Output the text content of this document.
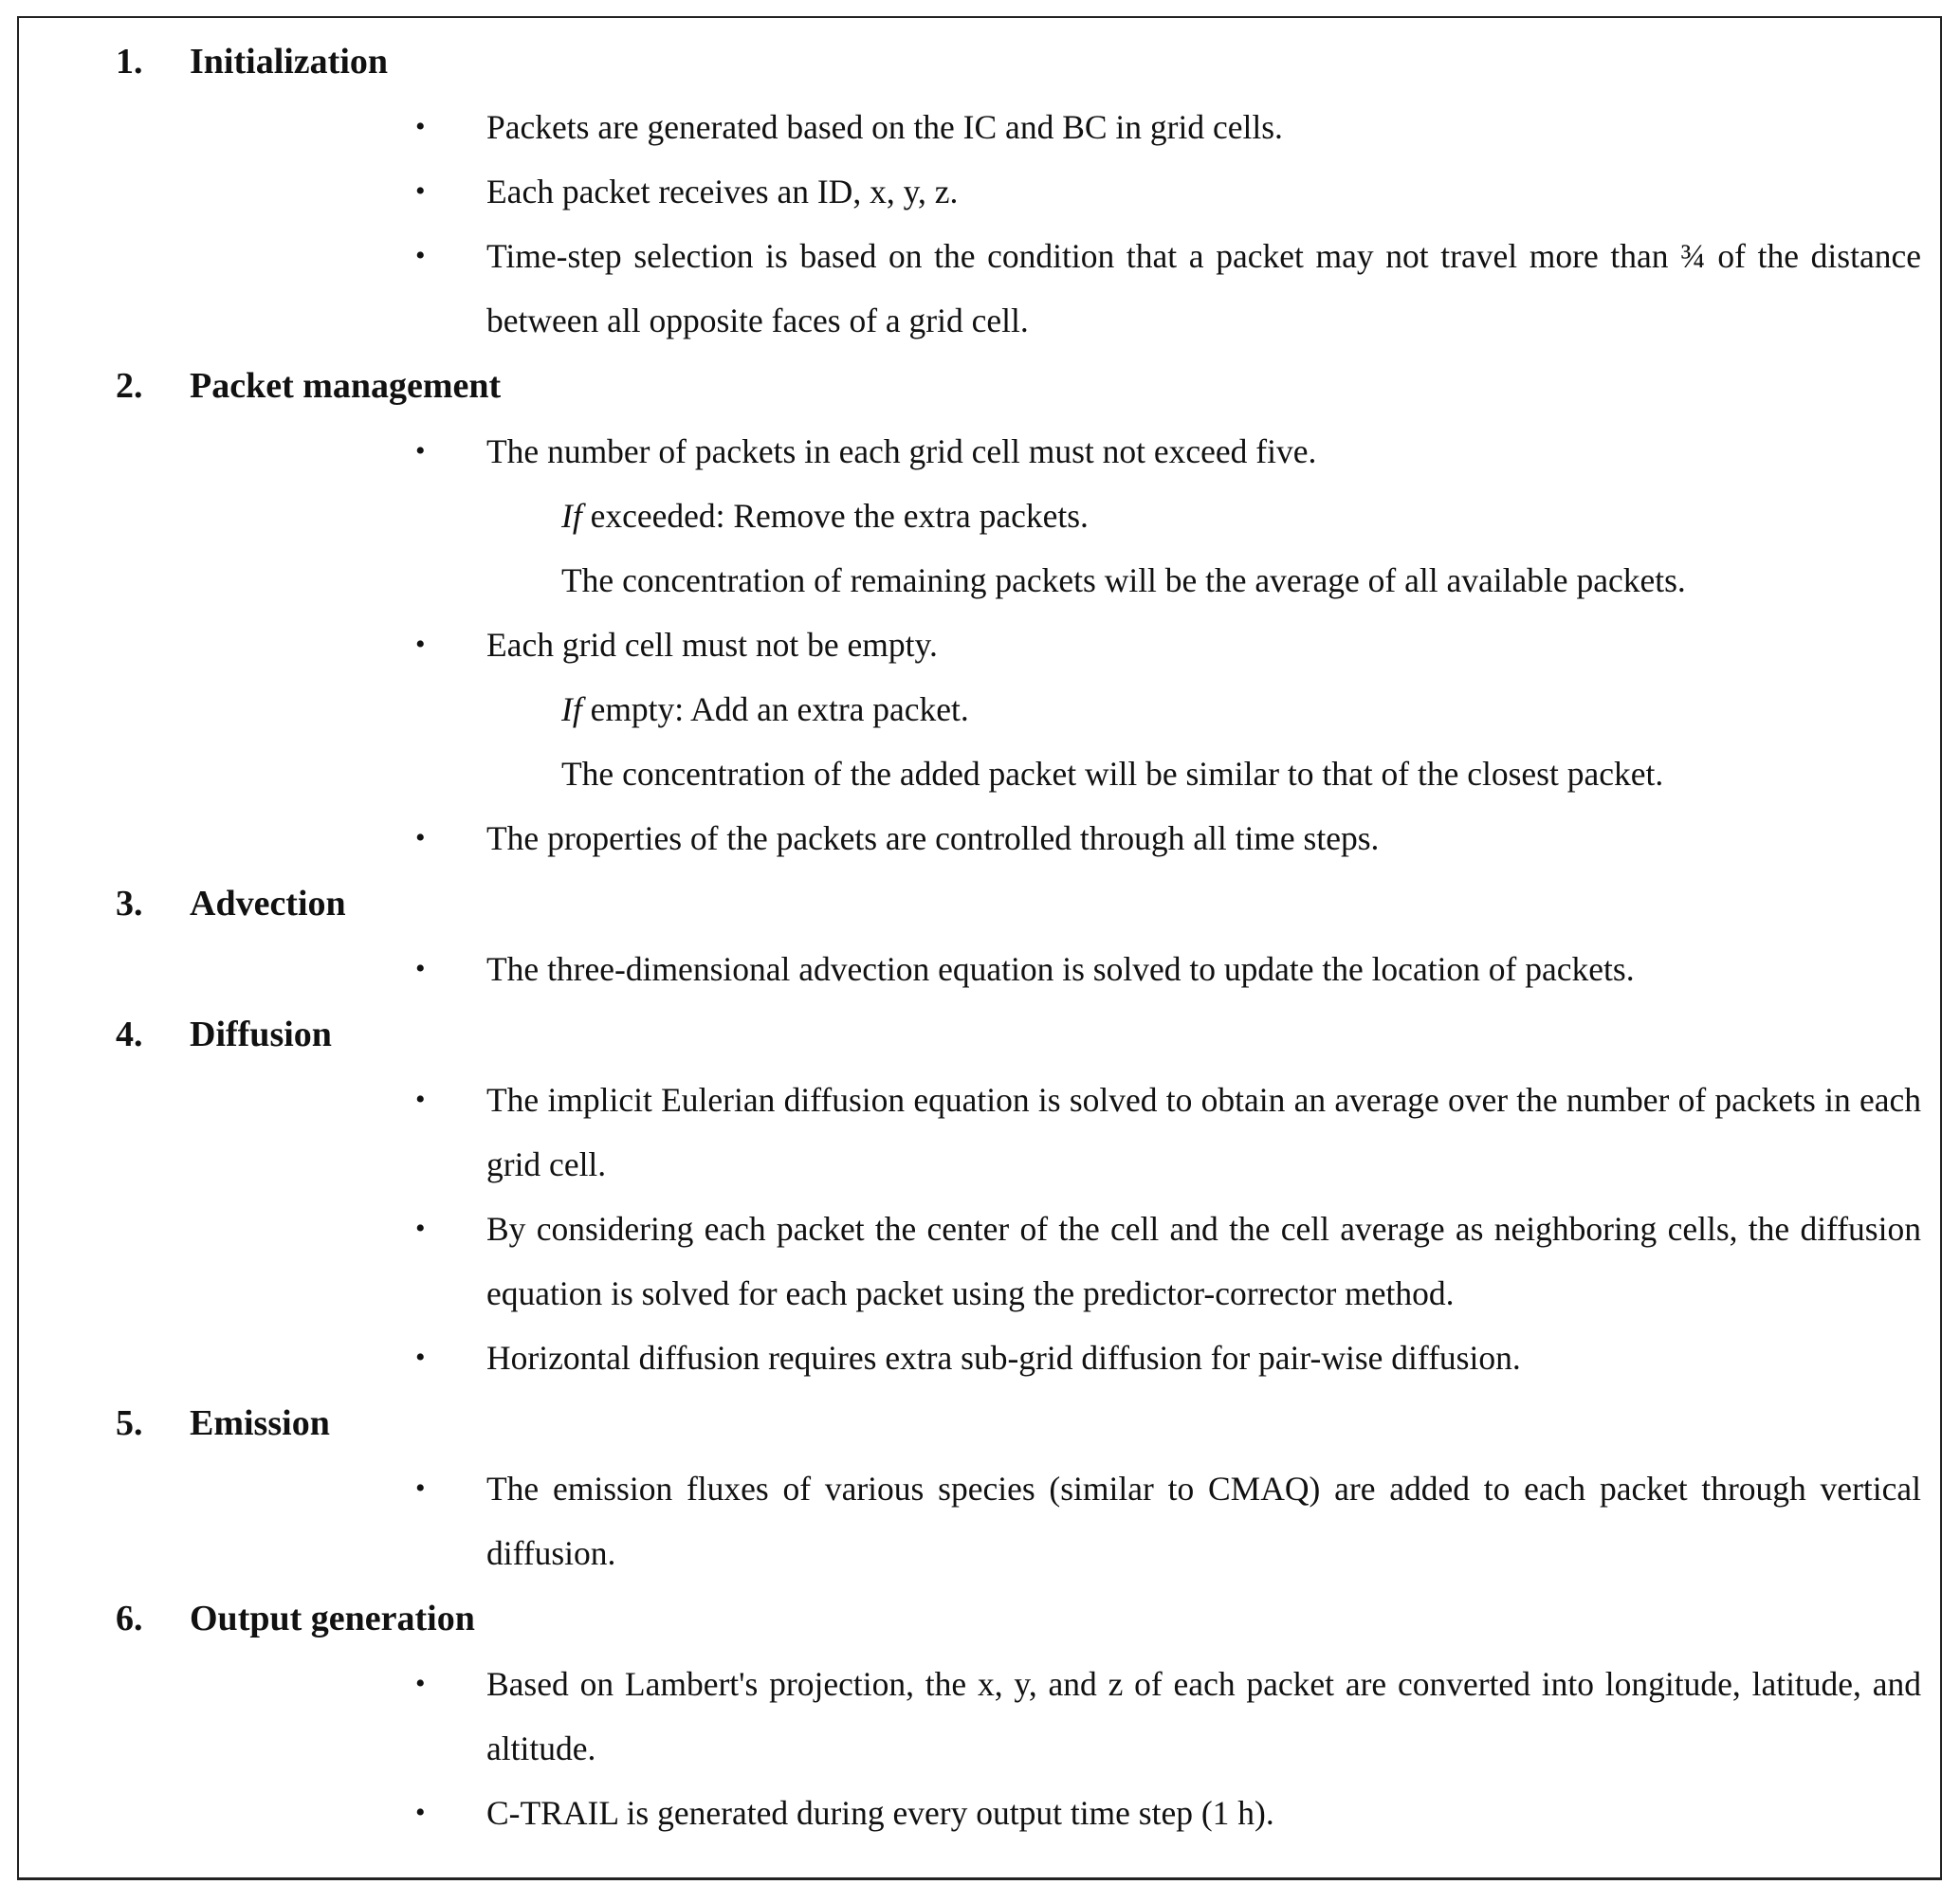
1. Initialization
• Packets are generated based on the IC and BC in grid cells.
• Each packet receives an ID, x, y, z.
• Time-step selection is based on the condition that a packet may not travel more than ¾ of the distance between all opposite faces of a grid cell.
2. Packet management
• The number of packets in each grid cell must not exceed five.
If exceeded: Remove the extra packets.
The concentration of remaining packets will be the average of all available packets.
• Each grid cell must not be empty.
If empty: Add an extra packet.
The concentration of the added packet will be similar to that of the closest packet.
• The properties of the packets are controlled through all time steps.
3. Advection
• The three-dimensional advection equation is solved to update the location of packets.
4. Diffusion
• The implicit Eulerian diffusion equation is solved to obtain an average over the number of packets in each grid cell.
• By considering each packet the center of the cell and the cell average as neighboring cells, the diffusion equation is solved for each packet using the predictor-corrector method.
• Horizontal diffusion requires extra sub-grid diffusion for pair-wise diffusion.
5. Emission
• The emission fluxes of various species (similar to CMAQ) are added to each packet through vertical diffusion.
6. Output generation
• Based on Lambert's projection, the x, y, and z of each packet are converted into longitude, latitude, and altitude.
• C-TRAIL is generated during every output time step (1 h).
